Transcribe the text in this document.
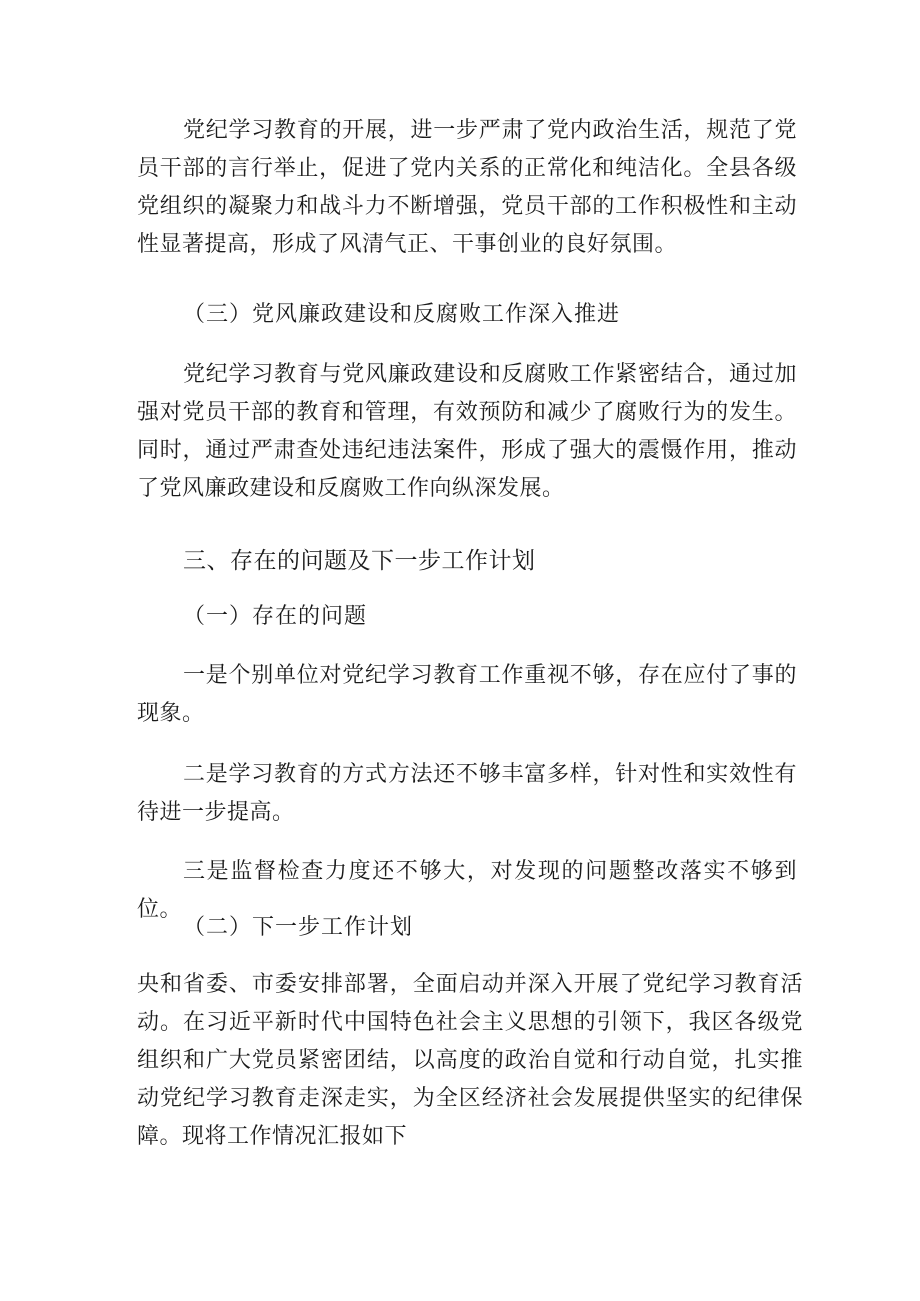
党纪学习教育的开展，进一步严肃了党内政治生活，规范了党员干部的言行举止，促进了党内关系的正常化和纯洁化。全县各级党组织的凝聚力和战斗力不断增强，党员干部的工作积极性和主动性显著提高，形成了风清气正、干事创业的良好氛围。

（三）党风廉政建设和反腐败工作深入推进

党纪学习教育与党风廉政建设和反腐败工作紧密结合，通过加强对党员干部的教育和管理，有效预防和减少了腐败行为的发生。同时，通过严肃查处违纪违法案件，形成了强大的震慑作用，推动了党风廉政建设和反腐败工作向纵深发展。

三、存在的问题及下一步工作计划
（一）存在的问题

一是个别单位对党纪学习教育工作重视不够，存在应付了事的现象。

二是学习教育的方式方法还不够丰富多样，针对性和实效性有待进一步提高。

三是监督检查力度还不够大，对发现的问题整改落实不够到位。

（二）下一步工作计划

央和省委、市委安排部署，全面启动并深入开展了党纪学习教育活动。在习近平新时代中国特色社会主义思想的引领下，我区各级党组织和广大党员紧密团结，以高度的政治自觉和行动自觉，扎实推动党纪学习教育走深走实，为全区经济社会发展提供坚实的纪律保障。现将工作情况汇报如下
